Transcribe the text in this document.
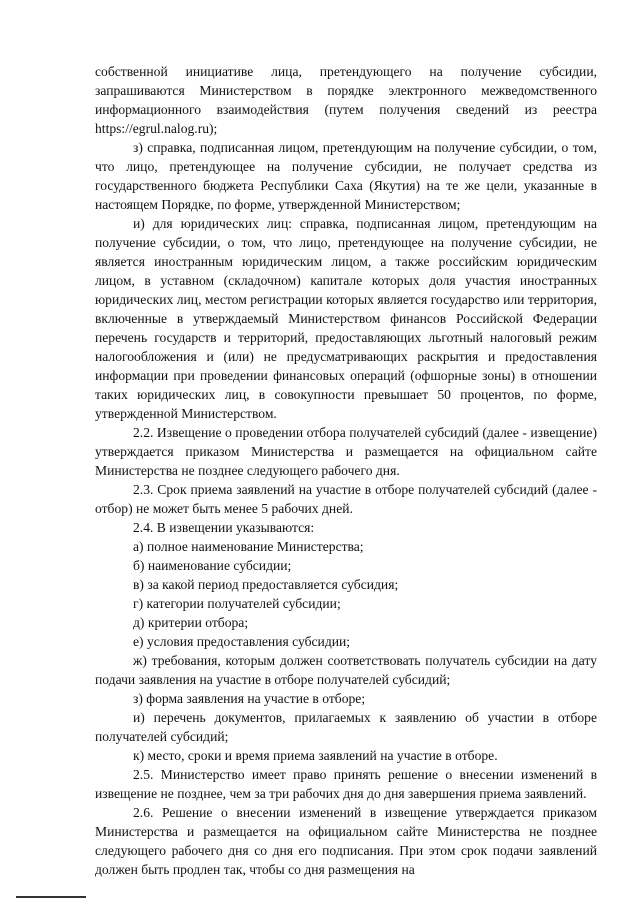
собственной инициативе лица, претендующего на получение субсидии, запрашиваются Министерством в порядке электронного межведомственного информационного взаимодействия (путем получения сведений из реестра https://egrul.nalog.ru);

з) справка, подписанная лицом, претендующим на получение субсидии, о том, что лицо, претендующее на получение субсидии, не получает средства из государственного бюджета Республики Саха (Якутия) на те же цели, указанные в настоящем Порядке, по форме, утвержденной Министерством;

и) для юридических лиц: справка, подписанная лицом, претендующим на получение субсидии, о том, что лицо, претендующее на получение субсидии, не является иностранным юридическим лицом, а также российским юридическим лицом, в уставном (складочном) капитале которых доля участия иностранных юридических лиц, местом регистрации которых является государство или территория, включенные в утверждаемый Министерством финансов Российской Федерации перечень государств и территорий, предоставляющих льготный налоговый режим налогообложения и (или) не предусматривающих раскрытия и предоставления информации при проведении финансовых операций (офшорные зоны) в отношении таких юридических лиц, в совокупности превышает 50 процентов, по форме, утвержденной Министерством.

2.2. Извещение о проведении отбора получателей субсидий (далее - извещение) утверждается приказом Министерства и размещается на официальном сайте Министерства не позднее следующего рабочего дня.

2.3. Срок приема заявлений на участие в отборе получателей субсидий (далее - отбор) не может быть менее 5 рабочих дней.

2.4. В извещении указываются:

а) полное наименование Министерства;

б) наименование субсидии;

в) за какой период предоставляется субсидия;

г) категории получателей субсидии;

д) критерии отбора;

е) условия предоставления субсидии;

ж) требования, которым должен соответствовать получатель субсидии на дату подачи заявления на участие в отборе получателей субсидий;

з) форма заявления на участие в отборе;

и) перечень документов, прилагаемых к заявлению об участии в отборе получателей субсидий;

к) место, сроки и время приема заявлений на участие в отборе.

2.5. Министерство имеет право принять решение о внесении изменений в извещение не позднее, чем за три рабочих дня до дня завершения приема заявлений.

2.6. Решение о внесении изменений в извещение утверждается приказом Министерства и размещается на официальном сайте Министерства не позднее следующего рабочего дня со дня его подписания. При этом срок подачи заявлений должен быть продлен так, чтобы со дня размещения на
